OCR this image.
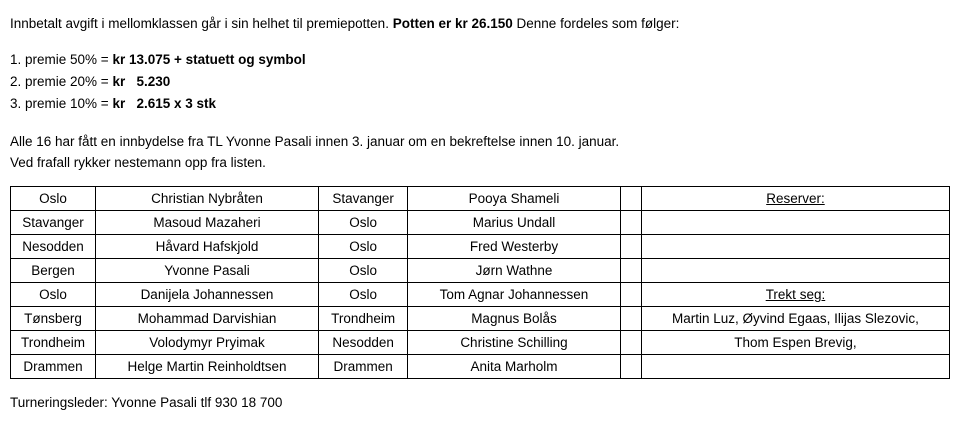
Innbetalt avgift i mellomklassen går i sin helhet til premiepotten. Potten er kr 26.150 Denne fordeles som følger:

1. premie 50% = kr 13.075 + statuett og symbol
2. premie 20% = kr   5.230
3. premie 10% = kr   2.615 x 3 stk
Alle 16 har fått en innbydelse fra TL Yvonne Pasali innen 3. januar om en bekreftelse innen 10. januar.
Ved frafall rykker nestemann opp fra listen.
Oslo	Christian Nybråten	Stavanger	Pooya Shameli		Reserver:
Stavanger	Masoud Mazaheri	Oslo	Marius Undall		
Nesodden	Håvard Hafskjold	Oslo	Fred Westerby		
Bergen	Yvonne Pasali	Oslo	Jørn Wathne		
Oslo	Danijela Johannessen	Oslo	Tom Agnar Johannessen		Trekt seg:
Tønsberg	Mohammad Darvishian	Trondheim	Magnus Bolås		Martin Luz, Øyvind Egaas, Ilijas Slezovic,
Trondheim	Volodymyr Pryimak	Nesodden	Christine Schilling		Thom Espen Brevig,
Drammen	Helge Martin Reinholdtsen	Drammen	Anita Marholm		
Turneringsleder: Yvonne Pasali tlf 930 18 700
